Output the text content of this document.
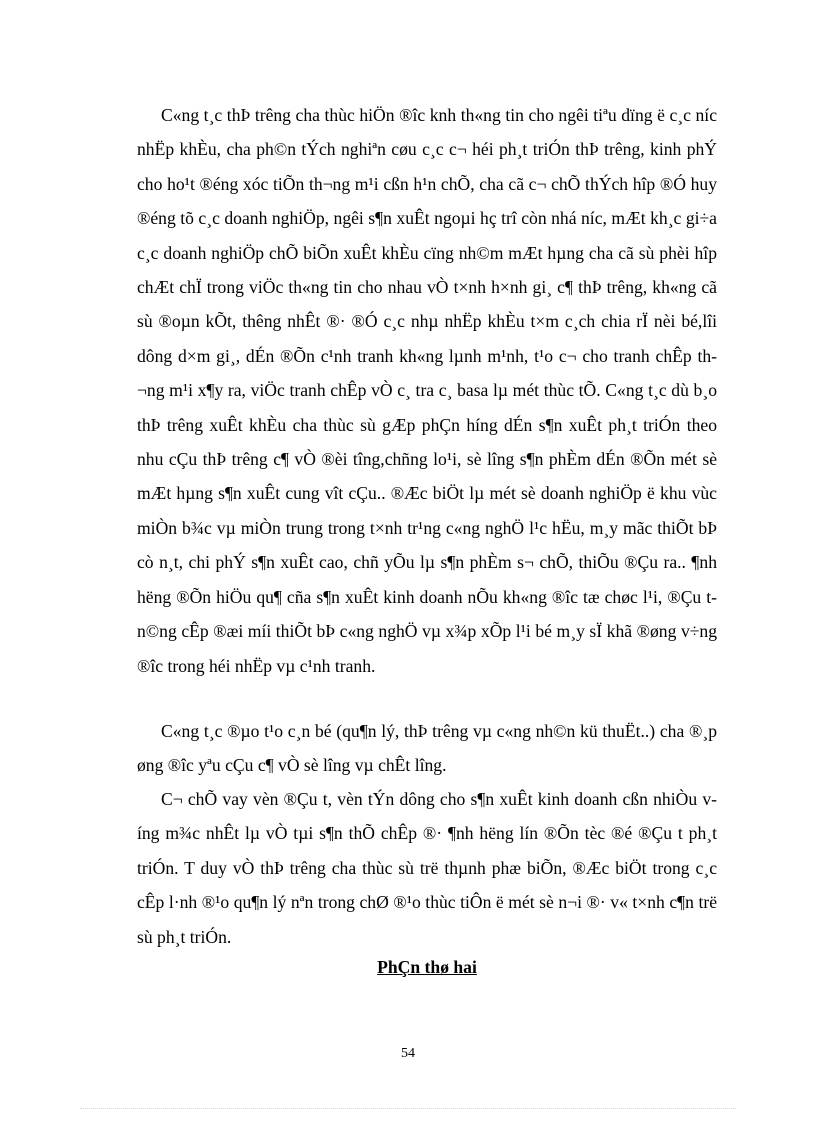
C«ng t¸c thÞ trêng cha thùc hiÖn ®îc knh th«ng tin cho ngêi tiªu dïng ë c¸c níc nhËp khÈu, cha ph©n tÝch nghiªn cøu c¸c c¬ héi ph¸t triÓn thÞ trêng, kinh phÝ cho ho¹t ®éng xóc tiÕn th¬ng m¹i cßn h¹n chÕ, cha cã c¬ chÕ thÝch hîp ®Ó huy ®éng tõ c¸c doanh nghiÖp, ngêi s¶n xuÊt ngoµi hç trî còn nhá níc, mÆt kh¸c gi÷a c¸c doanh nghiÖp chÕ biÕn xuÊt khÈu cïng nh©m mÆt hµng cha cã sù phèi hîp chÆt chÏ trong viÖc th«ng tin cho nhau vÒ t×nh h×nh gi¸ c¶ thÞ trêng, kh«ng cã sù ®oµn kÕt, thêng nhÊt ®· ®Ó c¸c nhµ nhËp khÈu t×m c¸ch chia rÏ nèi bé,lîi dông d×m gi¸, dÉn ®Õn c¹nh tranh kh«ng lµnh m¹nh, t¹o c¬ cho tranh chÊp th¬ng m¹i x¶y ra, viÖc tranh chÊp vÒ c¸ tra c¸ basa lµ mét thùc tÕ. C«ng t¸c dù b¸o thÞ trêng xuÊt khÈu cha thùc sù gÆp phÇn híng dÉn s¶n xuÊt ph¸t triÓn theo nhu cÇu thÞ trêng c¶ vÒ ®èi tîng,chñng lo¹i, sè lîng s¶n phÈm dÉn ®Õn mét sè mÆt hµng s¶n xuÊt cung vît cÇu.. ®Æc biÖt lµ mét sè doanh nghiÖp ë khu vùc miÒn b¾c vµ miÒn trung trong t×nh tr¹ng c«ng nghÖ l¹c hËu, m¸y mãc thiÕt bÞ cò n¸t, chi phÝ s¶n xuÊt cao, chñ yÕu lµ s¶n phÈm s¬ chÕ, thiÕu ®Çu ra.. ¶nh hëng ®Õn hiÖu qu¶ cña s¶n xuÊt kinh doanh nÕu kh«ng ®îc tæ chøc l¹i, ®Çu t n©ng cÊp ®æi míi thiÕt bÞ c«ng nghÖ vµ x¾p xÕp l¹i bé m¸y sÏ khã ®øng v÷ng ®îc trong héi nhËp vµ c¹nh tranh.

C«ng t¸c ®µo t¹o c¸n bé (qu¶n lý, thÞ trêng vµ c«ng nh©n kü thuËt..) cha ®¸p øng ®îc yªu cÇu c¶ vÒ sè lîng vµ chÊt lîng.

C¬ chÕ vay vèn ®Çu t, vèn tÝn dông cho s¶n xuÊt kinh doanh cßn nhiÒu víng m¾c nhÊt lµ vÒ tµi s¶n thÕ chÊp ®· ¶nh hëng lín ®Õn tèc ®é ®Çu t ph¸t triÓn. T duy vÒ thÞ trêng cha thùc sù trë thµnh phæ biÕn, ®Æc biÖt trong c¸c cÊp l·nh ®¹o qu¶n lý nªn trong chØ ®¹o thùc tiÔn ë mét sè n¬i ®· v« t×nh c¶n trë sù ph¸t triÓn.

PhÇn thø hai

54
